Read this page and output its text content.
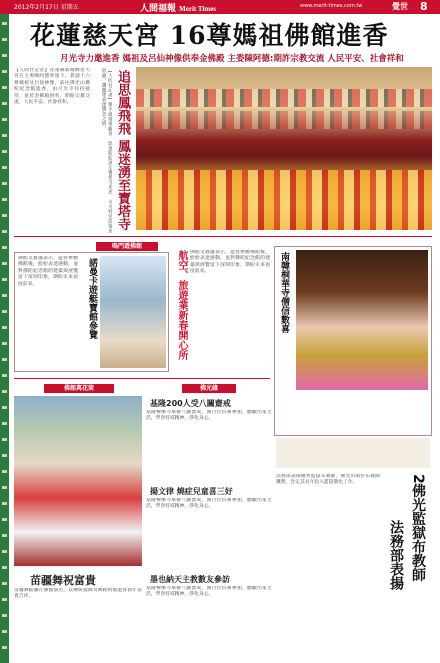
2012年2月17日 星期五	人間福報 Merit Times	www.merit-times.com.tw	覺世 8
花蓮慈天宮 16尊媽祖佛館進香
月光寺力邀進香 媽祖及呂仙神像供奉金佛殿 主委陳阿德:期許宗教交流 人民平安、社會祥和
【人間社記者】花蓮縣新城鄉慈天宮在主委陳阿德率領下，恭請十六尊媽祖及呂仙神像，前往佛光山佛陀紀念館進香，由月光寺住持接待，並於金佛殿供奉，期盼宗教交流、人民平安、社會祥和。	追思鳳飛飛 鳳迷湧至寶塔寺
【人間社記者】歌手鳳飛飛辭世，影迷紛紛湧至寶塔寺追思，寺方特別設置追思處，讓鳳迷表達懷念之情。
嗚門遊佛館
佛館文教處表示，遊客參觀佛館後，紛紛表達感動，並對佛陀紀念館的建築與展覽留下深刻印象，期盼未來再度前來。	諾曼卡遊艇寶館參覽	航空、旅遊業新春開心所 佛館文教處表示，遊客參觀佛館後，紛紛表達感動，並對佛陀紀念館的建築與展覽留下深刻印象，期盼未來再度前來。	南韓桐華寺僧信數喜
佛館萬花筒
苗疆舞祝富貴
苗疆舞蹈團在佛館演出，以傳統服飾及舞蹈祝福遊客新年富貴吉祥。
佛光緣
基隆200人受八關齋戒
基隆極樂寺舉辦八關齋戒，兩百位信眾參加，體驗出家生活，學習持戒精神，淨化身心。
揚文律 燒症兒童喜三好
基隆極樂寺舉辦八關齋戒，兩百位信眾參加，體驗出家生活，學習持戒精神，淨化身心。
墨也納天主教數友參訪
基隆極樂寺舉辦八關齋戒，兩百位信眾參加，體驗出家生活，學習持戒精神，淨化身心。
2佛光監獄布教師
法務部表揚
法務部表揚優秀監獄布教師，佛光山兩位布教師獲獎，肯定其長年投入監獄教化工作。
